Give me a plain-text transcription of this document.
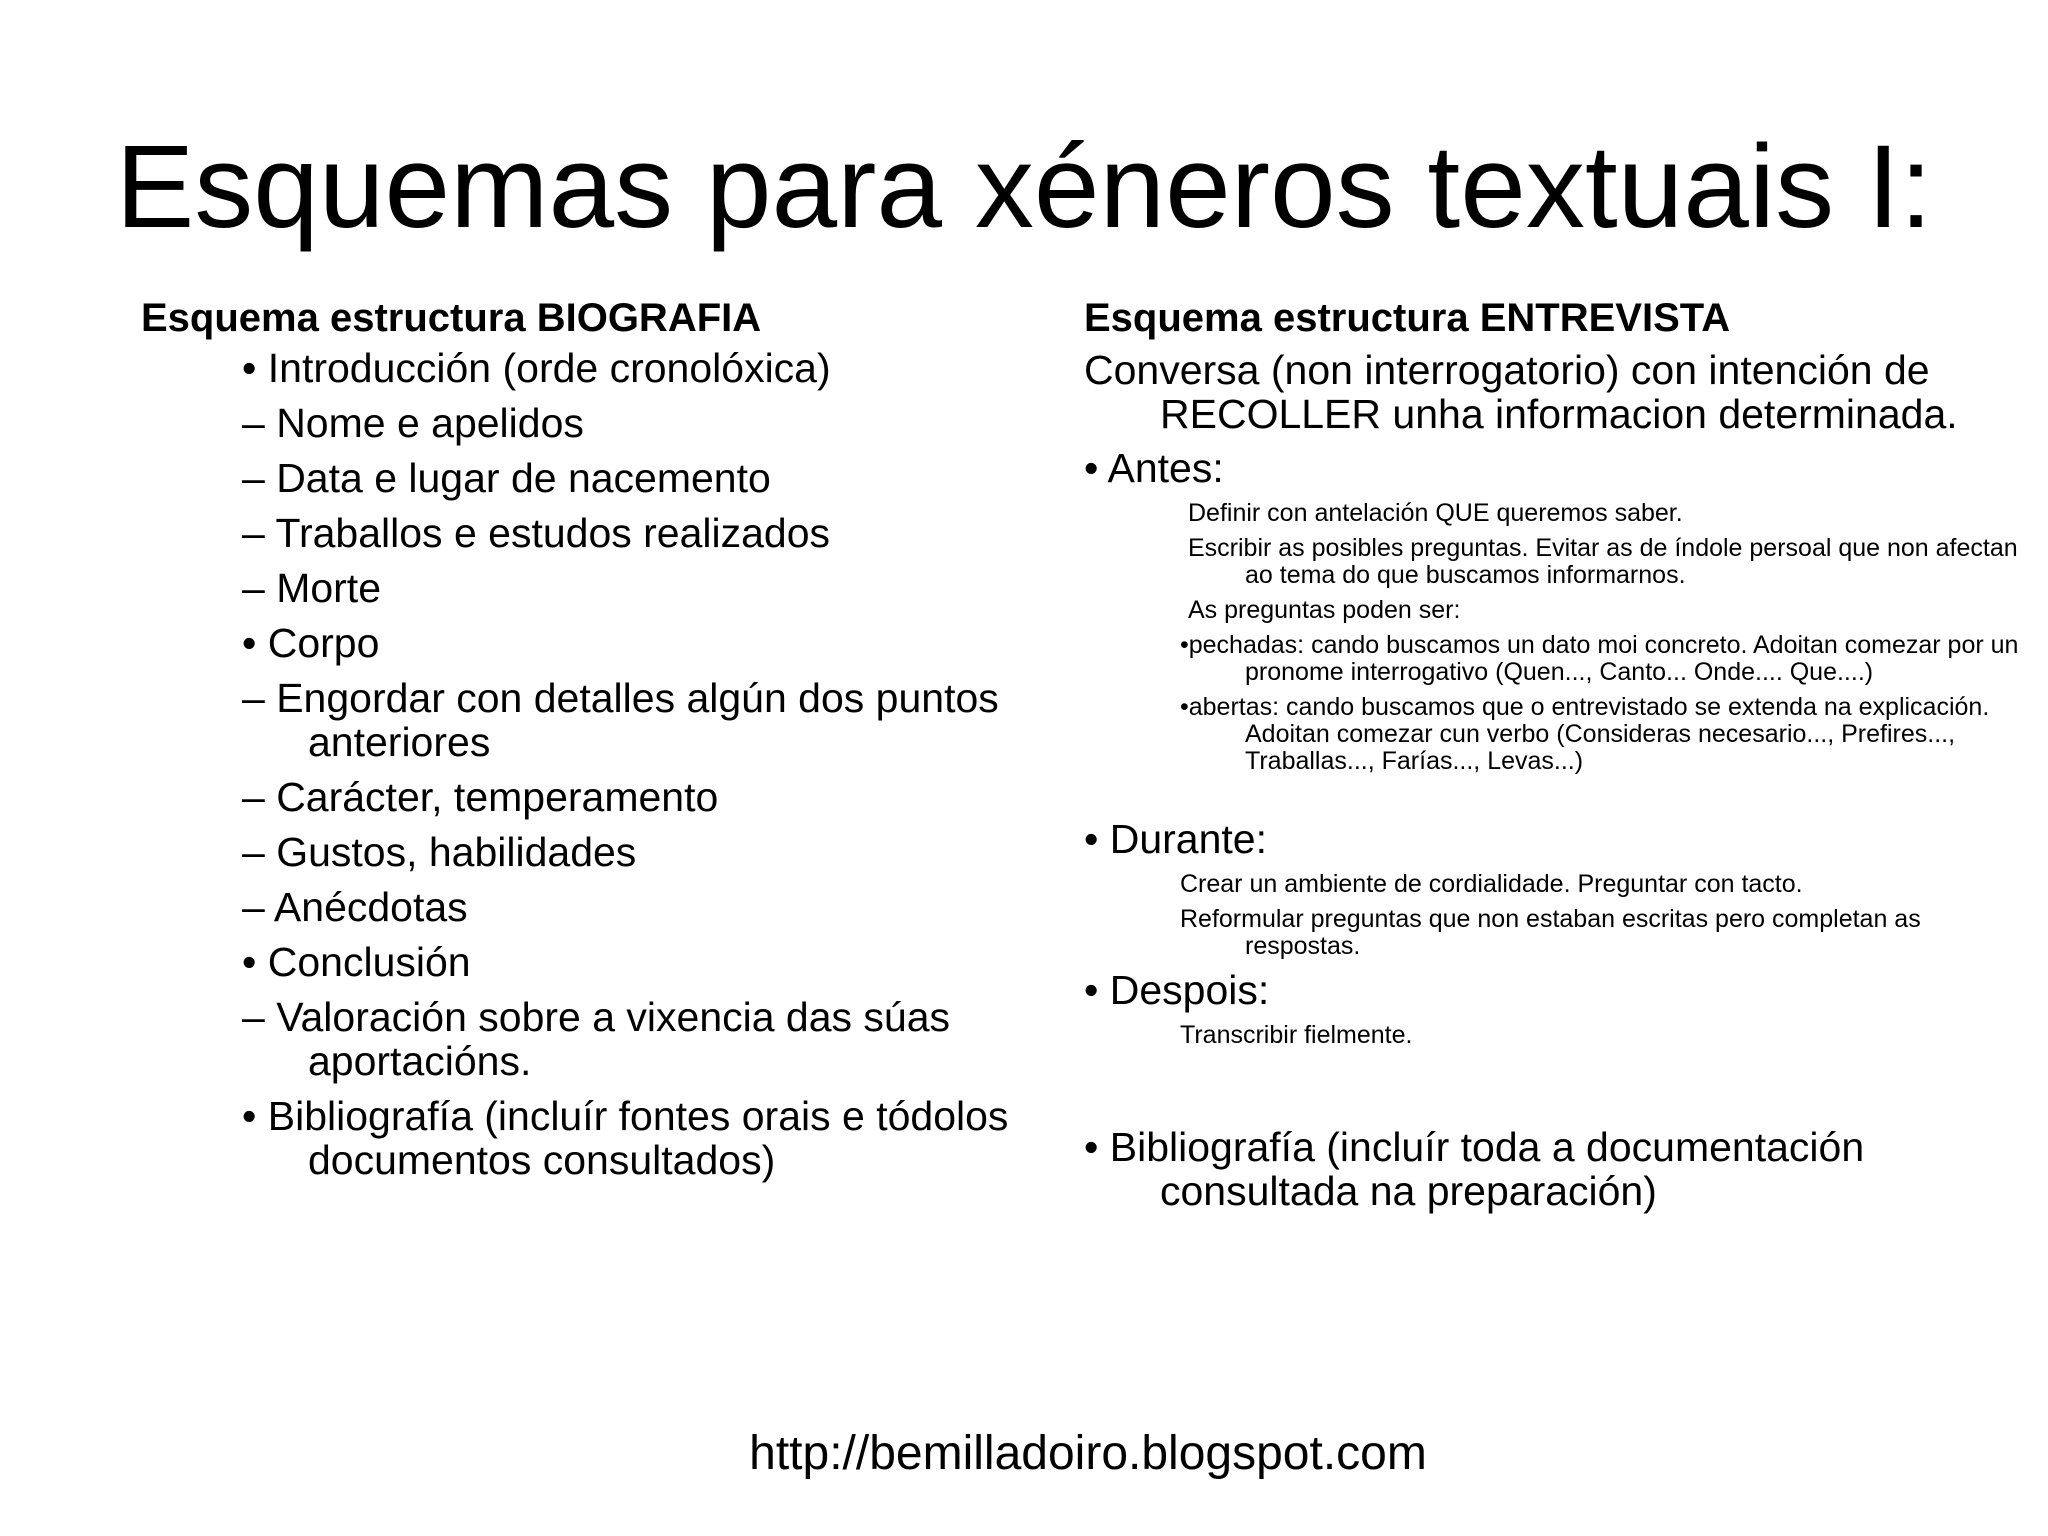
Esquemas para xéneros textuais I:
Esquema estructura BIOGRAFIA
• Introducción (orde cronolóxica)
– Nome e apelidos
– Data e lugar de nacemento
– Traballos e estudos realizados
– Morte
• Corpo
– Engordar con detalles algún dos puntos anteriores
– Carácter, temperamento
– Gustos, habilidades
– Anécdotas
• Conclusión
– Valoración sobre a vixencia das súas aportacións.
• Bibliografía (incluír fontes orais e tódolos documentos consultados)
Esquema estructura ENTREVISTA
Conversa (non interrogatorio) con intención de RECOLLER unha informacion determinada.
• Antes:
Definir con antelación QUE queremos saber.
Escribir as posibles preguntas. Evitar as de índole persoal que non afectan ao tema do que buscamos informarnos.
As preguntas poden ser:
•pechadas: cando buscamos un dato moi concreto. Adoitan comezar por un pronome interrogativo (Quen..., Canto... Onde.... Que....)
•abertas: cando buscamos que o entrevistado se extenda na explicación. Adoitan comezar cun verbo (Consideras necesario..., Prefires..., Traballas..., Farías..., Levas...)
• Durante:
Crear un ambiente de cordialidade. Preguntar con tacto.
Reformular preguntas que non estaban escritas pero completan as respostas.
• Despois:
Transcribir fielmente.
• Bibliografía (incluír toda a documentación consultada na preparación)
http://bemilladoiro.blogspot.com
